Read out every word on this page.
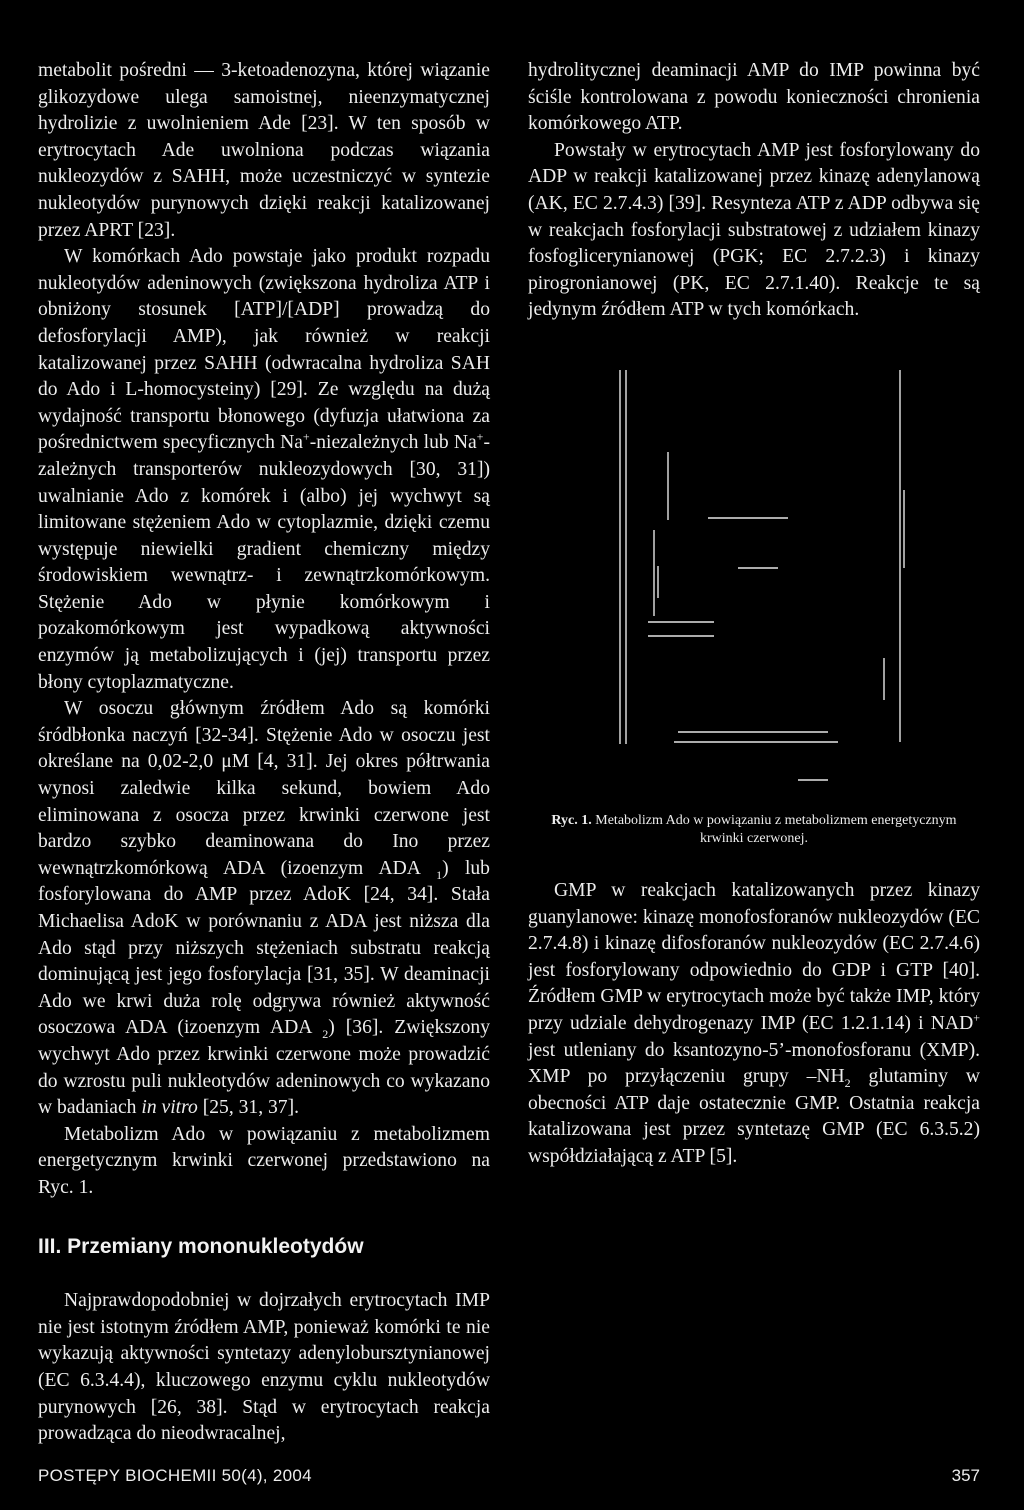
metabolit pośredni — 3-ketoadenozyna, której wiązanie glikozydowe ulega samoistnej, nieenzymatycznej hydrolizie z uwolnieniem Ade [23]. W ten sposób w erytrocytach Ade uwolniona podczas wiązania nukleozydów z SAHH, może uczestniczyć w syntezie nukleotydów purynowych dzięki reakcji katalizowanej przez APRT [23].

W komórkach Ado powstaje jako produkt rozpadu nukleotydów adeninowych (zwiększona hydroliza ATP i obniżony stosunek [ATP]/[ADP] prowadzą do defosforylacji AMP), jak również w reakcji katalizowanej przez SAHH (odwracalna hydroliza SAH do Ado i L-homocysteiny) [29]. Ze względu na dużą wydajność transportu błonowego (dyfuzja ułatwiona za pośrednictwem specyficznych Na+-niezależnych lub Na+-zależnych transporterów nukleozydowych [30, 31]) uwalnianie Ado z komórek i (albo) jej wychwyt są limitowane stężeniem Ado w cytoplazmie, dzięki czemu występuje niewielki gradient chemiczny między środowiskiem wewnątrz- i zewnątrzkomórkowym. Stężenie Ado w płynie komórkowym i pozakomórkowym jest wypadkową aktywności enzymów ją metabolizujących i (jej) transportu przez błony cytoplazmatyczne.

W osoczu głównym źródłem Ado są komórki śródbłonka naczyń [32-34]. Stężenie Ado w osoczu jest określane na 0,02-2,0 μM [4, 31]. Jej okres półtrwania wynosi zaledwie kilka sekund, bowiem Ado eliminowana z osocza przez krwinki czerwone jest bardzo szybko deaminowana do Ino przez wewnątrzkomórkową ADA (izoenzym ADA $_1$) lub fosforylowana do AMP przez AdoK [24, 34]. Stała Michaelisa AdoK w porównaniu z ADA jest niższa dla Ado stąd przy niższych stężeniach substratu reakcją dominującą jest jego fosforylacja [31, 35]. W deaminacji Ado we krwi duża rolę odgrywa również aktywność osoczowa ADA (izoenzym ADA $_2$) [36]. Zwiększony wychwyt Ado przez krwinki czerwone może prowadzić do wzrostu puli nukleotydów adeninowych co wykazano w badaniach in vitro [25, 31, 37].

Metabolizm Ado w powiązaniu z metabolizmem energetycznym krwinki czerwonej przedstawiono na Ryc. 1.

III. Przemiany mononukleotydów

Najprawdopodobniej w dojrzałych erytrocytach IMP nie jest istotnym źródłem AMP, ponieważ komórki te nie wykazują aktywności syntetazy adenylobursztynianowej (EC 6.3.4.4), kluczowego enzymu cyklu nukleotydów purynowych [26, 38]. Stąd w erytrocytach reakcja prowadząca do nieodwracalnej,

hydrolitycznej deaminacji AMP do IMP powinna być ściśle kontrolowana z powodu konieczności chronienia komórkowego ATP.

Powstały w erytrocytach AMP jest fosforylowany do ADP w reakcji katalizowanej przez kinazę adenylanową (AK, EC 2.7.4.3) [39]. Resynteza ATP z ADP odbywa się w reakcjach fosforylacji substratowej z udziałem kinazy fosfoglicerynianowej (PGK; EC 2.7.2.3) i kinazy pirogronianowej (PK, EC 2.7.1.40). Reakcje te są jedynym źródłem ATP w tych komórkach.

Ryc. 1. Metabolizm Ado w powiązaniu z metabolizmem energetycznym krwinki czerwonej.

GMP w reakcjach katalizowanych przez kinazy guanylanowe: kinazę monofosforanów nukleozydów (EC 2.7.4.8) i kinazę difosforanów nukleozydów (EC 2.7.4.6) jest fosforylowany odpowiednio do GDP i GTP [40]. Źródłem GMP w erytrocytach może być także IMP, który przy udziale dehydrogenazy IMP (EC 1.2.1.14) i NAD+ jest utleniany do ksantozyno-5’-monofosforanu (XMP). XMP po przyłączeniu grupy $-NH_2$ glutaminy w obecności ATP daje ostatecznie GMP. Ostatnia reakcja katalizowana jest przez syntetazę GMP (EC 6.3.5.2) współdziałającą z ATP [5].

POSTĘPY BIOCHEMII 50(4), 2004	357
